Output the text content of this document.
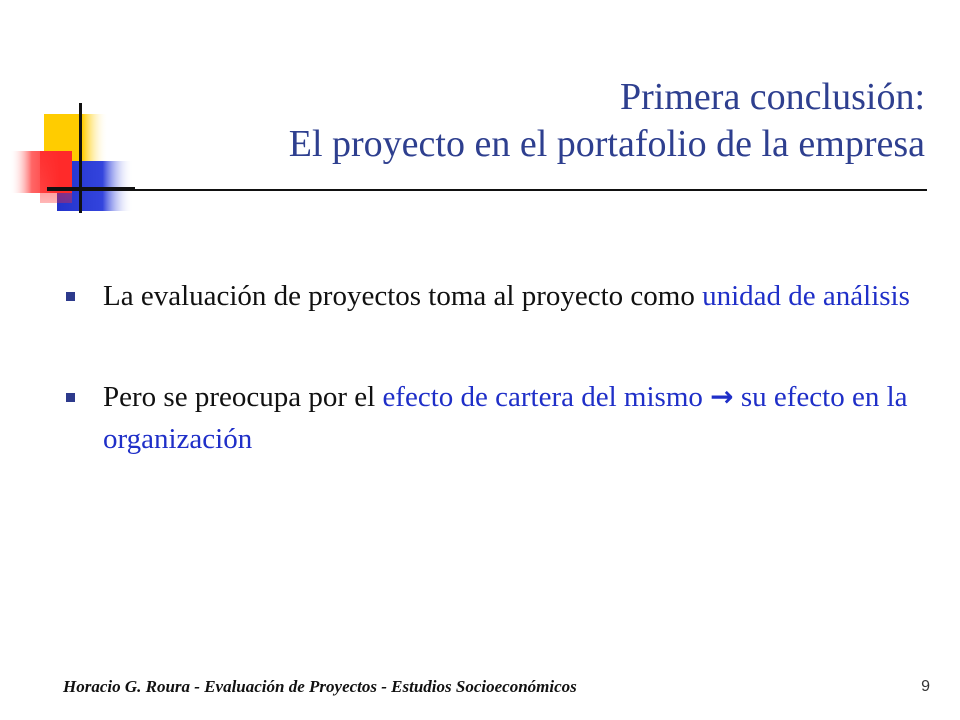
Primera conclusión:
El proyecto en el portafolio de la empresa
La evaluación de proyectos toma al proyecto como unidad de análisis
Pero se preocupa por el efecto de cartera del mismo → su efecto en la organización
Horacio G. Roura - Evaluación de Proyectos - Estudios Socioeconómicos	9
